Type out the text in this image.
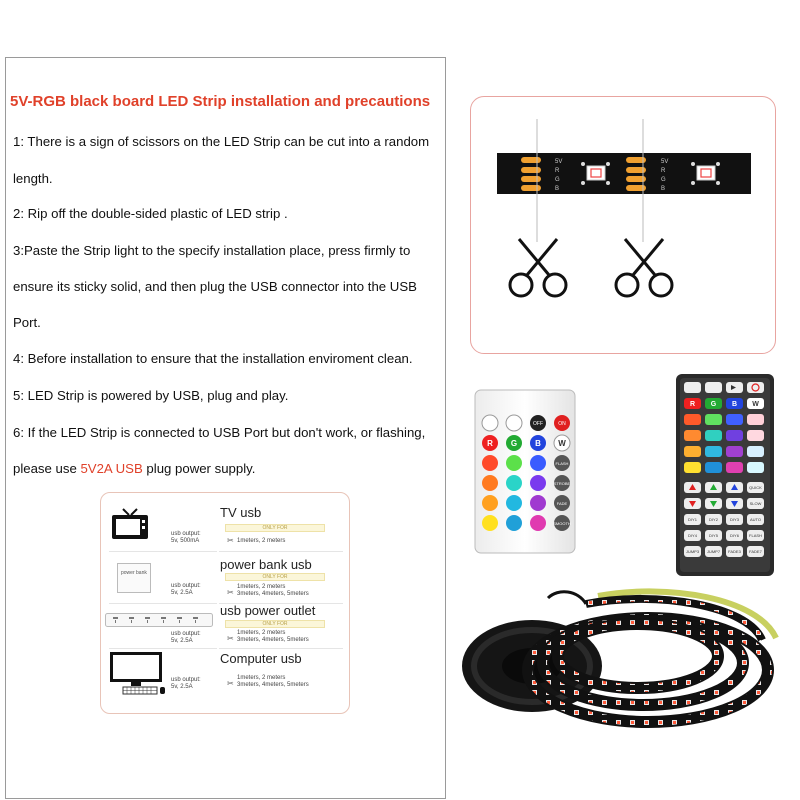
5V-RGB black board LED Strip installation and precautions
1: There is a sign of scissors on the LED Strip can be cut into a random
length.
2: Rip off the double-sided plastic of LED strip .
3:Paste the Strip light to the specify installation place, press firmly to
ensure its sticky solid, and then plug the USB connector into the USB
Port.
4: Before installation to ensure that the installation enviroment clean.
5: LED Strip is powered by USB, plug and play.
6: If the LED Strip is connected to USB Port but don't work, or flashing,
please use 5V2A USB plug power supply.
usb output:
5v, 500mA
TV usb
ONLY FOR
✂ 1meters, 2 meters
power bank
usb output:
5v, 2.5A
power bank usb
ONLY FOR
1meters, 2 meters
✂ 3meters, 4meters, 5meters
usb output:
5v, 2.5A
usb power outlet
ONLY FOR
1meters, 2 meters
✂ 3meters, 4meters, 5meters
usb output:
5v, 2.5A
Computer usb
1meters, 2 meters
✂ 3meters, 4meters, 5meters
5V
R
G
B
5V
R
G
B
OFF	ON
R G B W
FLASH
STROBE
FADE
SMOOTH
R G B W
QUICK
SLOW
DIY1	DIY2	DIY3	AUTO
DIY4	DIY5	DIY6	FLASH
JUMP3 JUMP7 FADE3 FADE7
